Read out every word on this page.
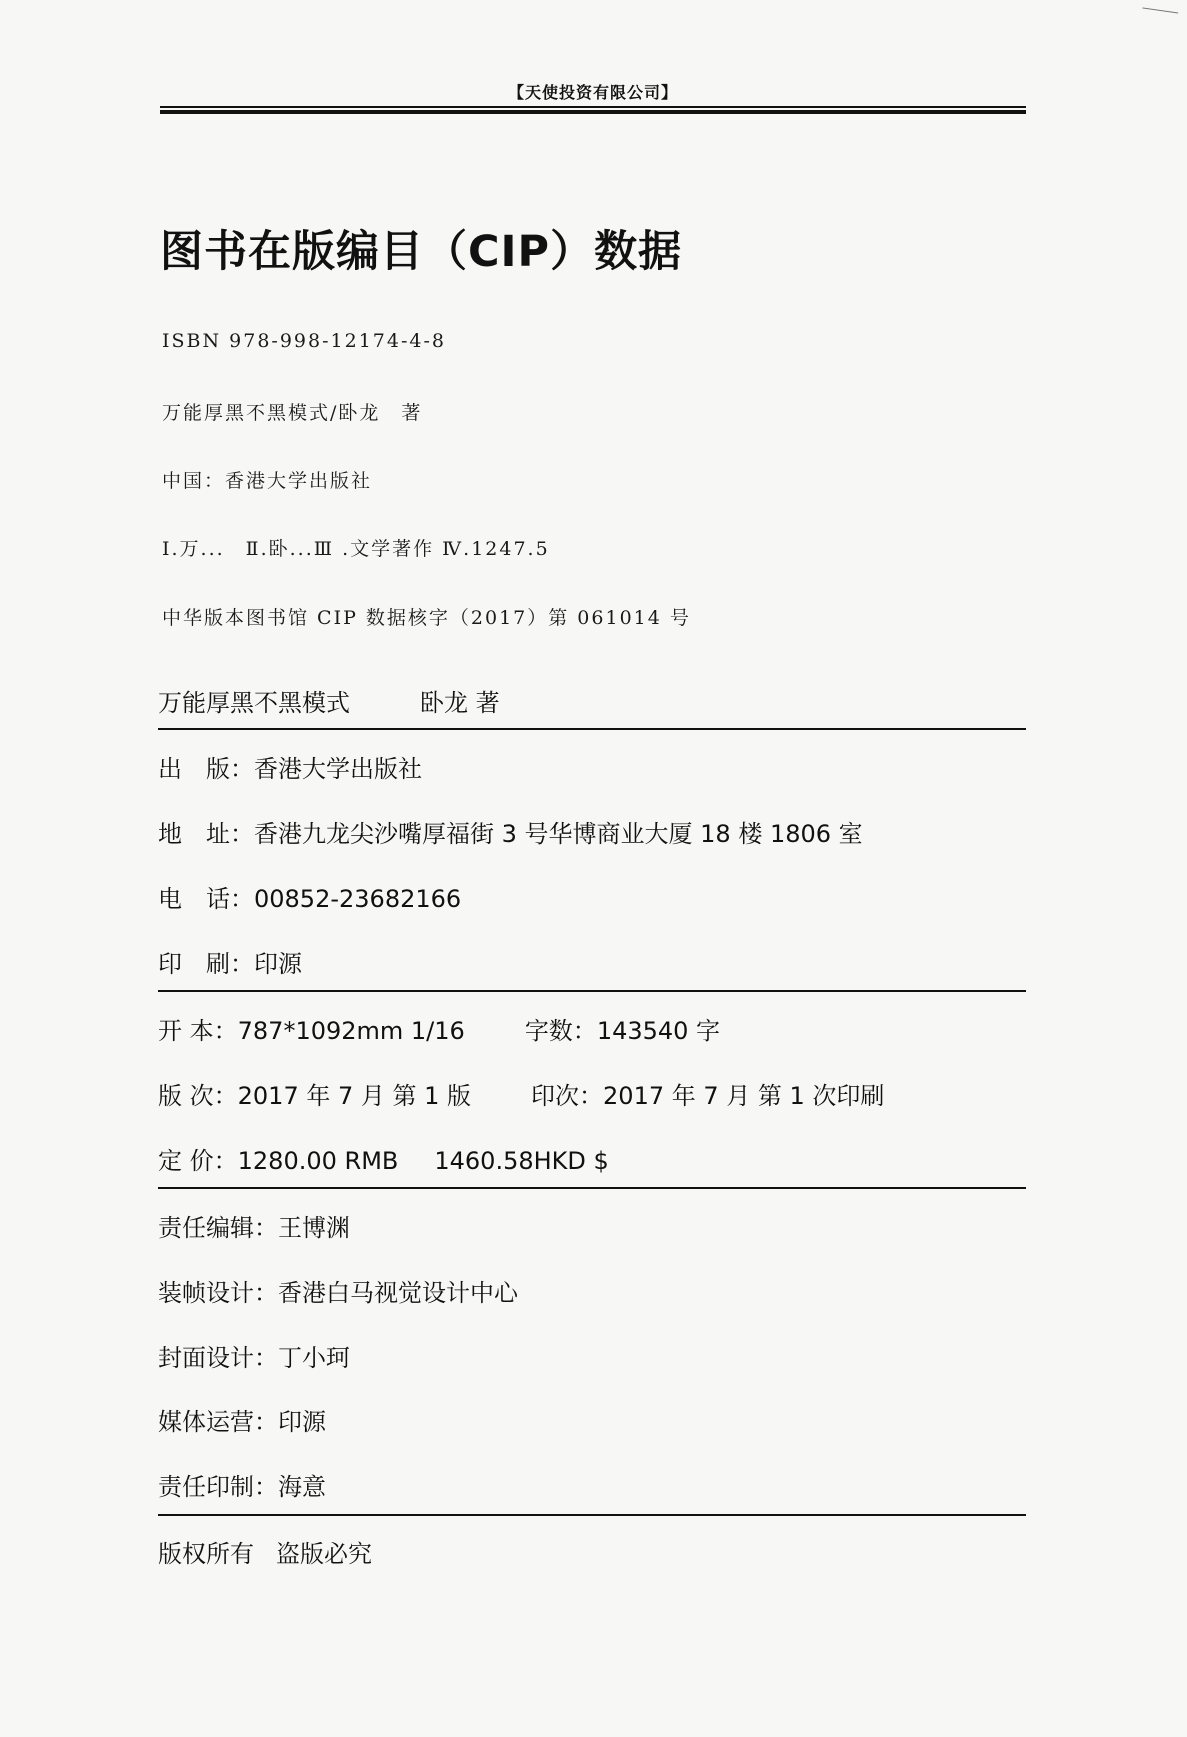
【天使投资有限公司】
图书在版编目（CIP）数据
ISBN 978-998-12174-4-8
万能厚黑不黑模式/卧龙　著
中国：香港大学出版社
Ⅰ.万...　Ⅱ.卧...Ⅲ .文学著作 Ⅳ.1247.5
中华版本图书馆 CIP 数据核字（2017）第 061014 号
万能厚黑不黑模式	卧龙 著
出　版：香港大学出版社
地　址：香港九龙尖沙嘴厚福街 3 号华博商业大厦 18 楼 1806 室
电　话：00852-23682166
印　刷：印源
开 本：787*1092mm 1/16	字数：143540 字
版 次：2017 年 7 月 第 1 版	印次：2017 年 7 月 第 1 次印刷
定 价：1280.00 RMB 1460.58HKD $
责任编辑：王博渊
装帧设计：香港白马视觉设计中心
封面设计：丁小珂
媒体运营：印源
责任印制：海意
版权所有 盗版必究
